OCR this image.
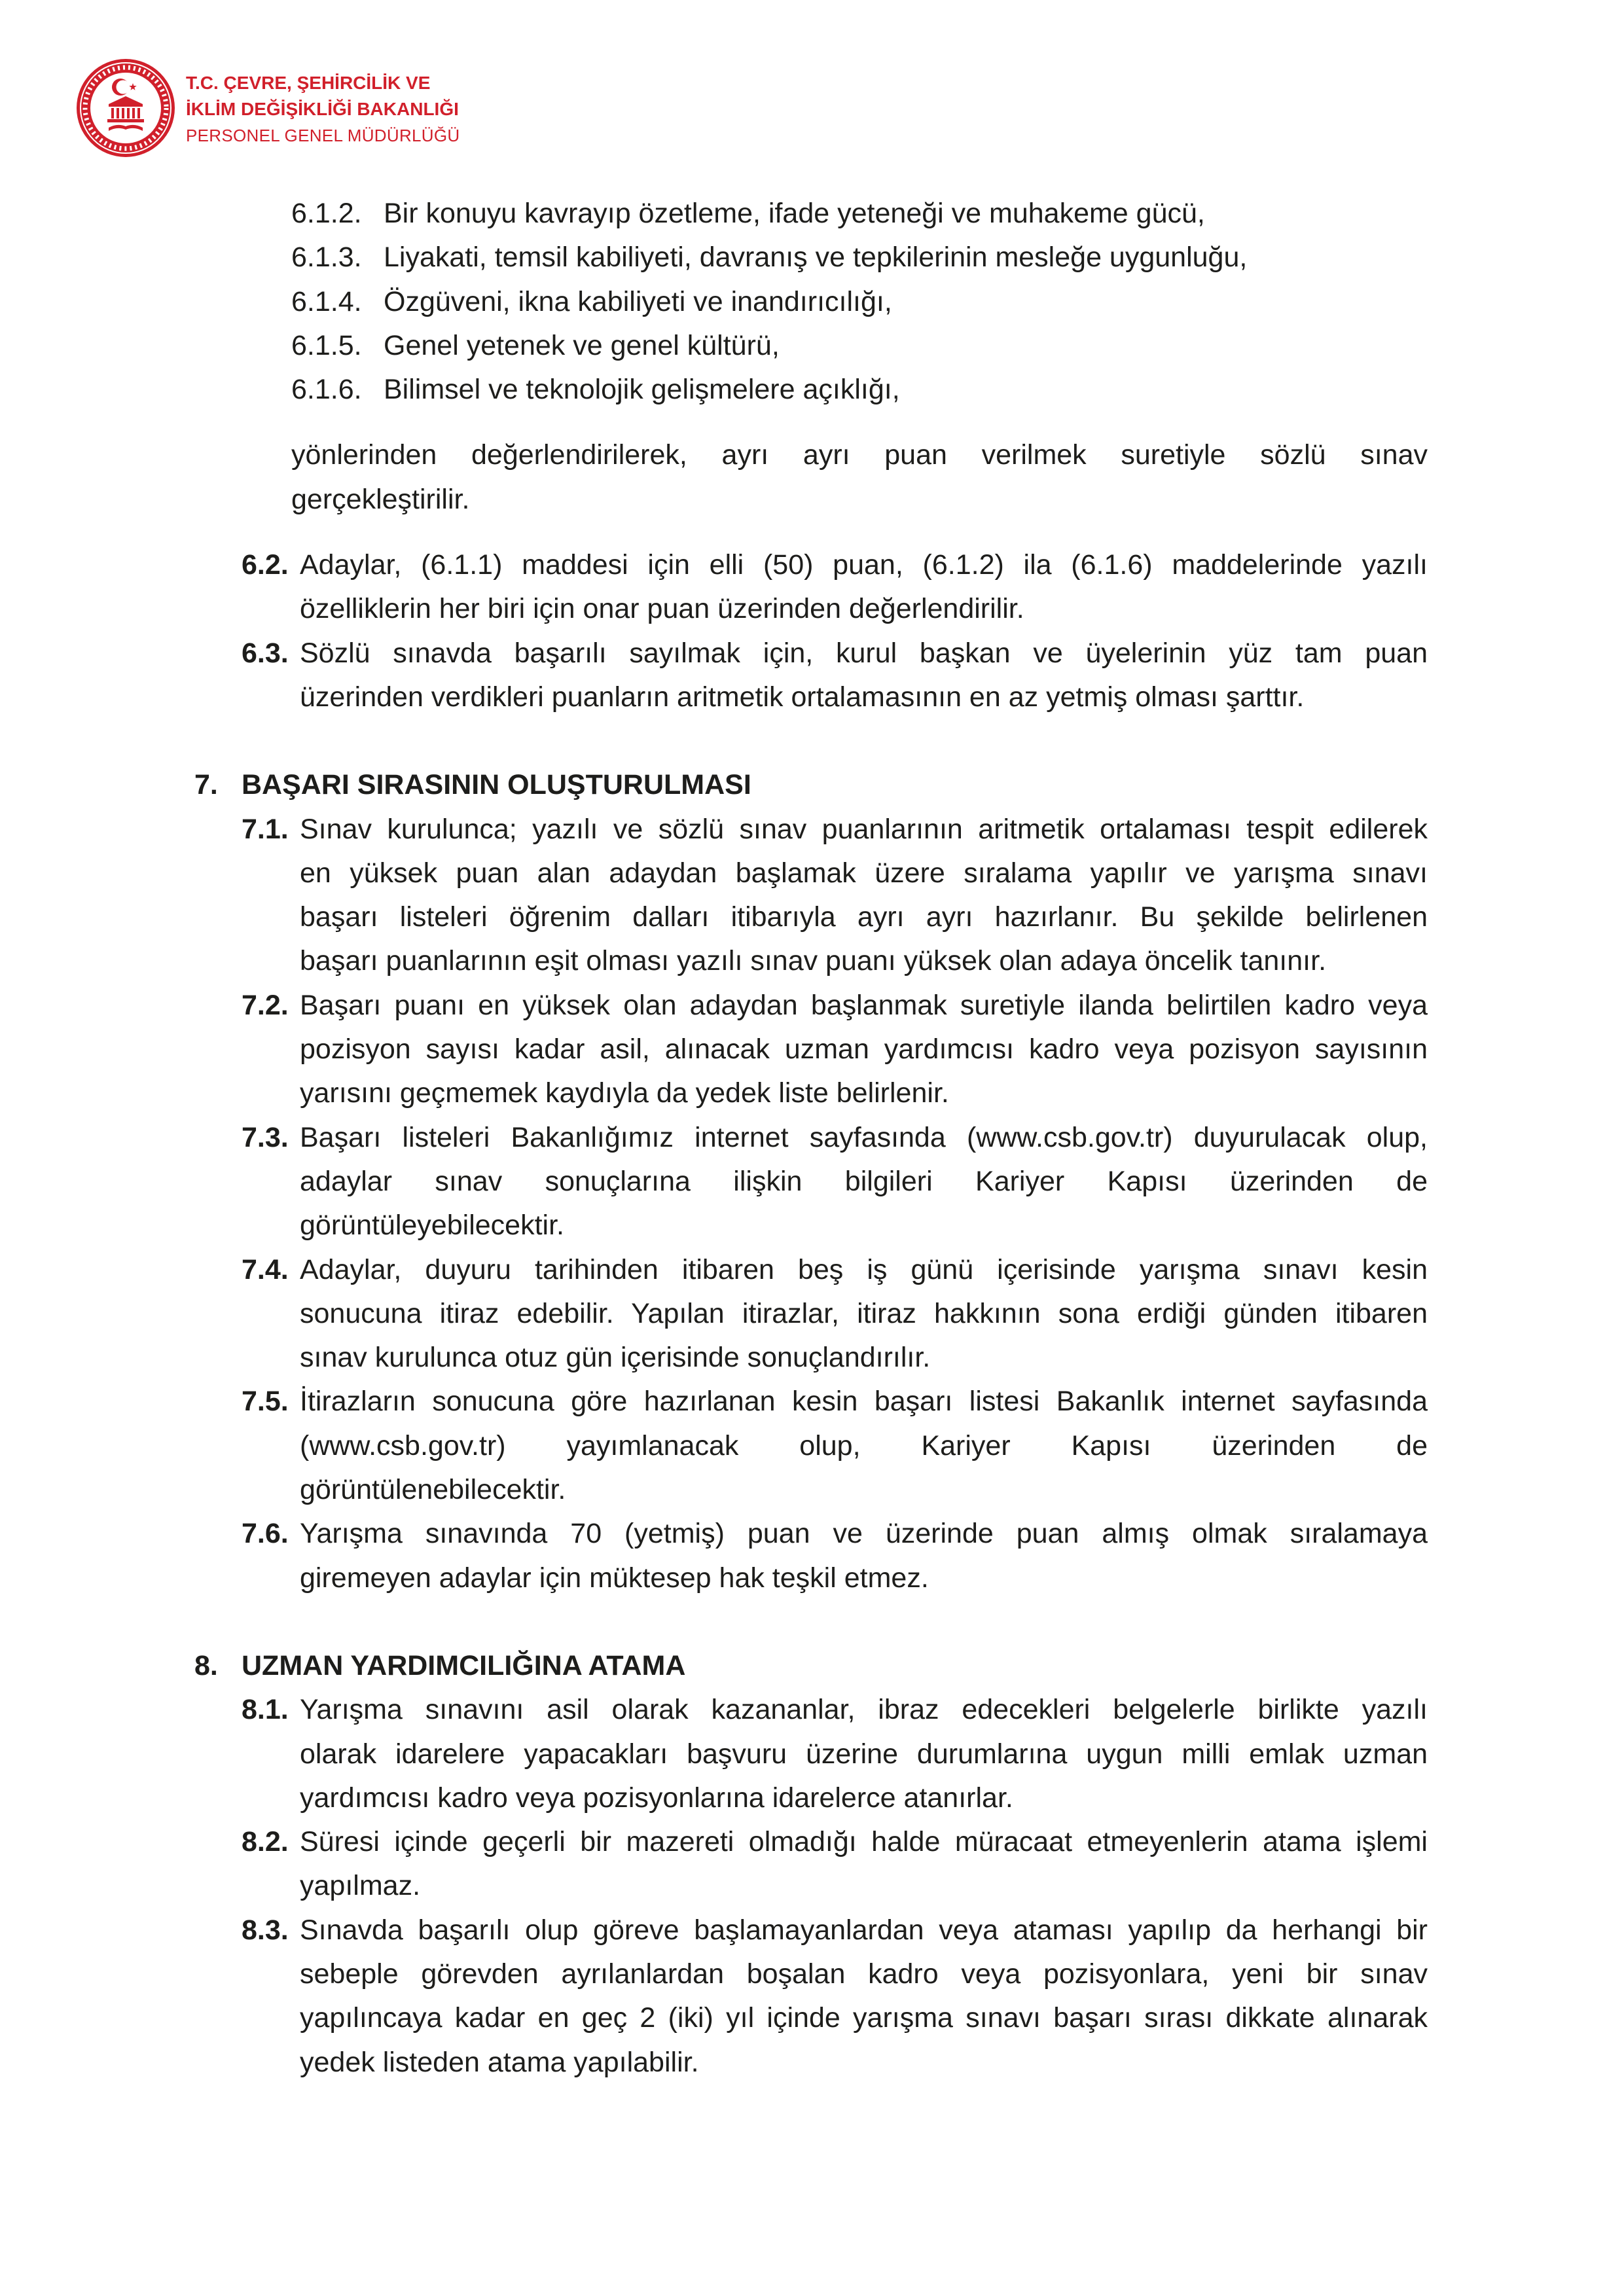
T.C. ÇEVRE, ŞEHİRCİLİK VE
İKLİM DEĞİŞİKLİĞİ BAKANLIĞI
PERSONEL GENEL MÜDÜRLÜĞÜ
6.1.2. Bir konuyu kavrayıp özetleme, ifade yeteneği ve muhakeme gücü,
6.1.3. Liyakati, temsil kabiliyeti, davranış ve tepkilerinin mesleğe uygunluğu,
6.1.4. Özgüveni, ikna kabiliyeti ve inandırıcılığı,
6.1.5. Genel yetenek ve genel kültürü,
6.1.6. Bilimsel ve teknolojik gelişmelere açıklığı,
yönlerinden değerlendirilerek, ayrı ayrı puan verilmek suretiyle sözlü sınav
gerçekleştirilir.
6.2. Adaylar, (6.1.1) maddesi için elli (50) puan, (6.1.2) ila (6.1.6) maddelerinde yazılı
özelliklerin her biri için onar puan üzerinden değerlendirilir.
6.3. Sözlü sınavda başarılı sayılmak için, kurul başkan ve üyelerinin yüz tam puan
üzerinden verdikleri puanların aritmetik ortalamasının en az yetmiş olması şarttır.
7. BAŞARI SIRASININ OLUŞTURULMASI
7.1. Sınav kurulunca; yazılı ve sözlü sınav puanlarının aritmetik ortalaması tespit edilerek
en yüksek puan alan adaydan başlamak üzere sıralama yapılır ve yarışma sınavı
başarı listeleri öğrenim dalları itibarıyla ayrı ayrı hazırlanır. Bu şekilde belirlenen
başarı puanlarının eşit olması yazılı sınav puanı yüksek olan adaya öncelik tanınır.
7.2. Başarı puanı en yüksek olan adaydan başlanmak suretiyle ilanda belirtilen kadro veya
pozisyon sayısı kadar asil, alınacak uzman yardımcısı kadro veya pozisyon sayısının
yarısını geçmemek kaydıyla da yedek liste belirlenir.
7.3. Başarı listeleri Bakanlığımız internet sayfasında (www.csb.gov.tr) duyurulacak olup,
adaylar sınav sonuçlarına ilişkin bilgileri Kariyer Kapısı üzerinden de
görüntüleyebilecektir.
7.4. Adaylar, duyuru tarihinden itibaren beş iş günü içerisinde yarışma sınavı kesin
sonucuna itiraz edebilir. Yapılan itirazlar, itiraz hakkının sona erdiği günden itibaren
sınav kurulunca otuz gün içerisinde sonuçlandırılır.
7.5. İtirazların sonucuna göre hazırlanan kesin başarı listesi Bakanlık internet sayfasında
(www.csb.gov.tr) yayımlanacak olup, Kariyer Kapısı üzerinden de
görüntülenebilecektir.
7.6. Yarışma sınavında 70 (yetmiş) puan ve üzerinde puan almış olmak sıralamaya
giremeyen adaylar için müktesep hak teşkil etmez.
8. UZMAN YARDIMCILIĞINA ATAMA
8.1. Yarışma sınavını asil olarak kazananlar, ibraz edecekleri belgelerle birlikte yazılı
olarak idarelere yapacakları başvuru üzerine durumlarına uygun milli emlak uzman
yardımcısı kadro veya pozisyonlarına idarelerce atanırlar.
8.2. Süresi içinde geçerli bir mazereti olmadığı halde müracaat etmeyenlerin atama işlemi
yapılmaz.
8.3. Sınavda başarılı olup göreve başlamayanlardan veya ataması yapılıp da herhangi bir
sebeple görevden ayrılanlardan boşalan kadro veya pozisyonlara, yeni bir sınav
yapılıncaya kadar en geç 2 (iki) yıl içinde yarışma sınavı başarı sırası dikkate alınarak
yedek listeden atama yapılabilir.
